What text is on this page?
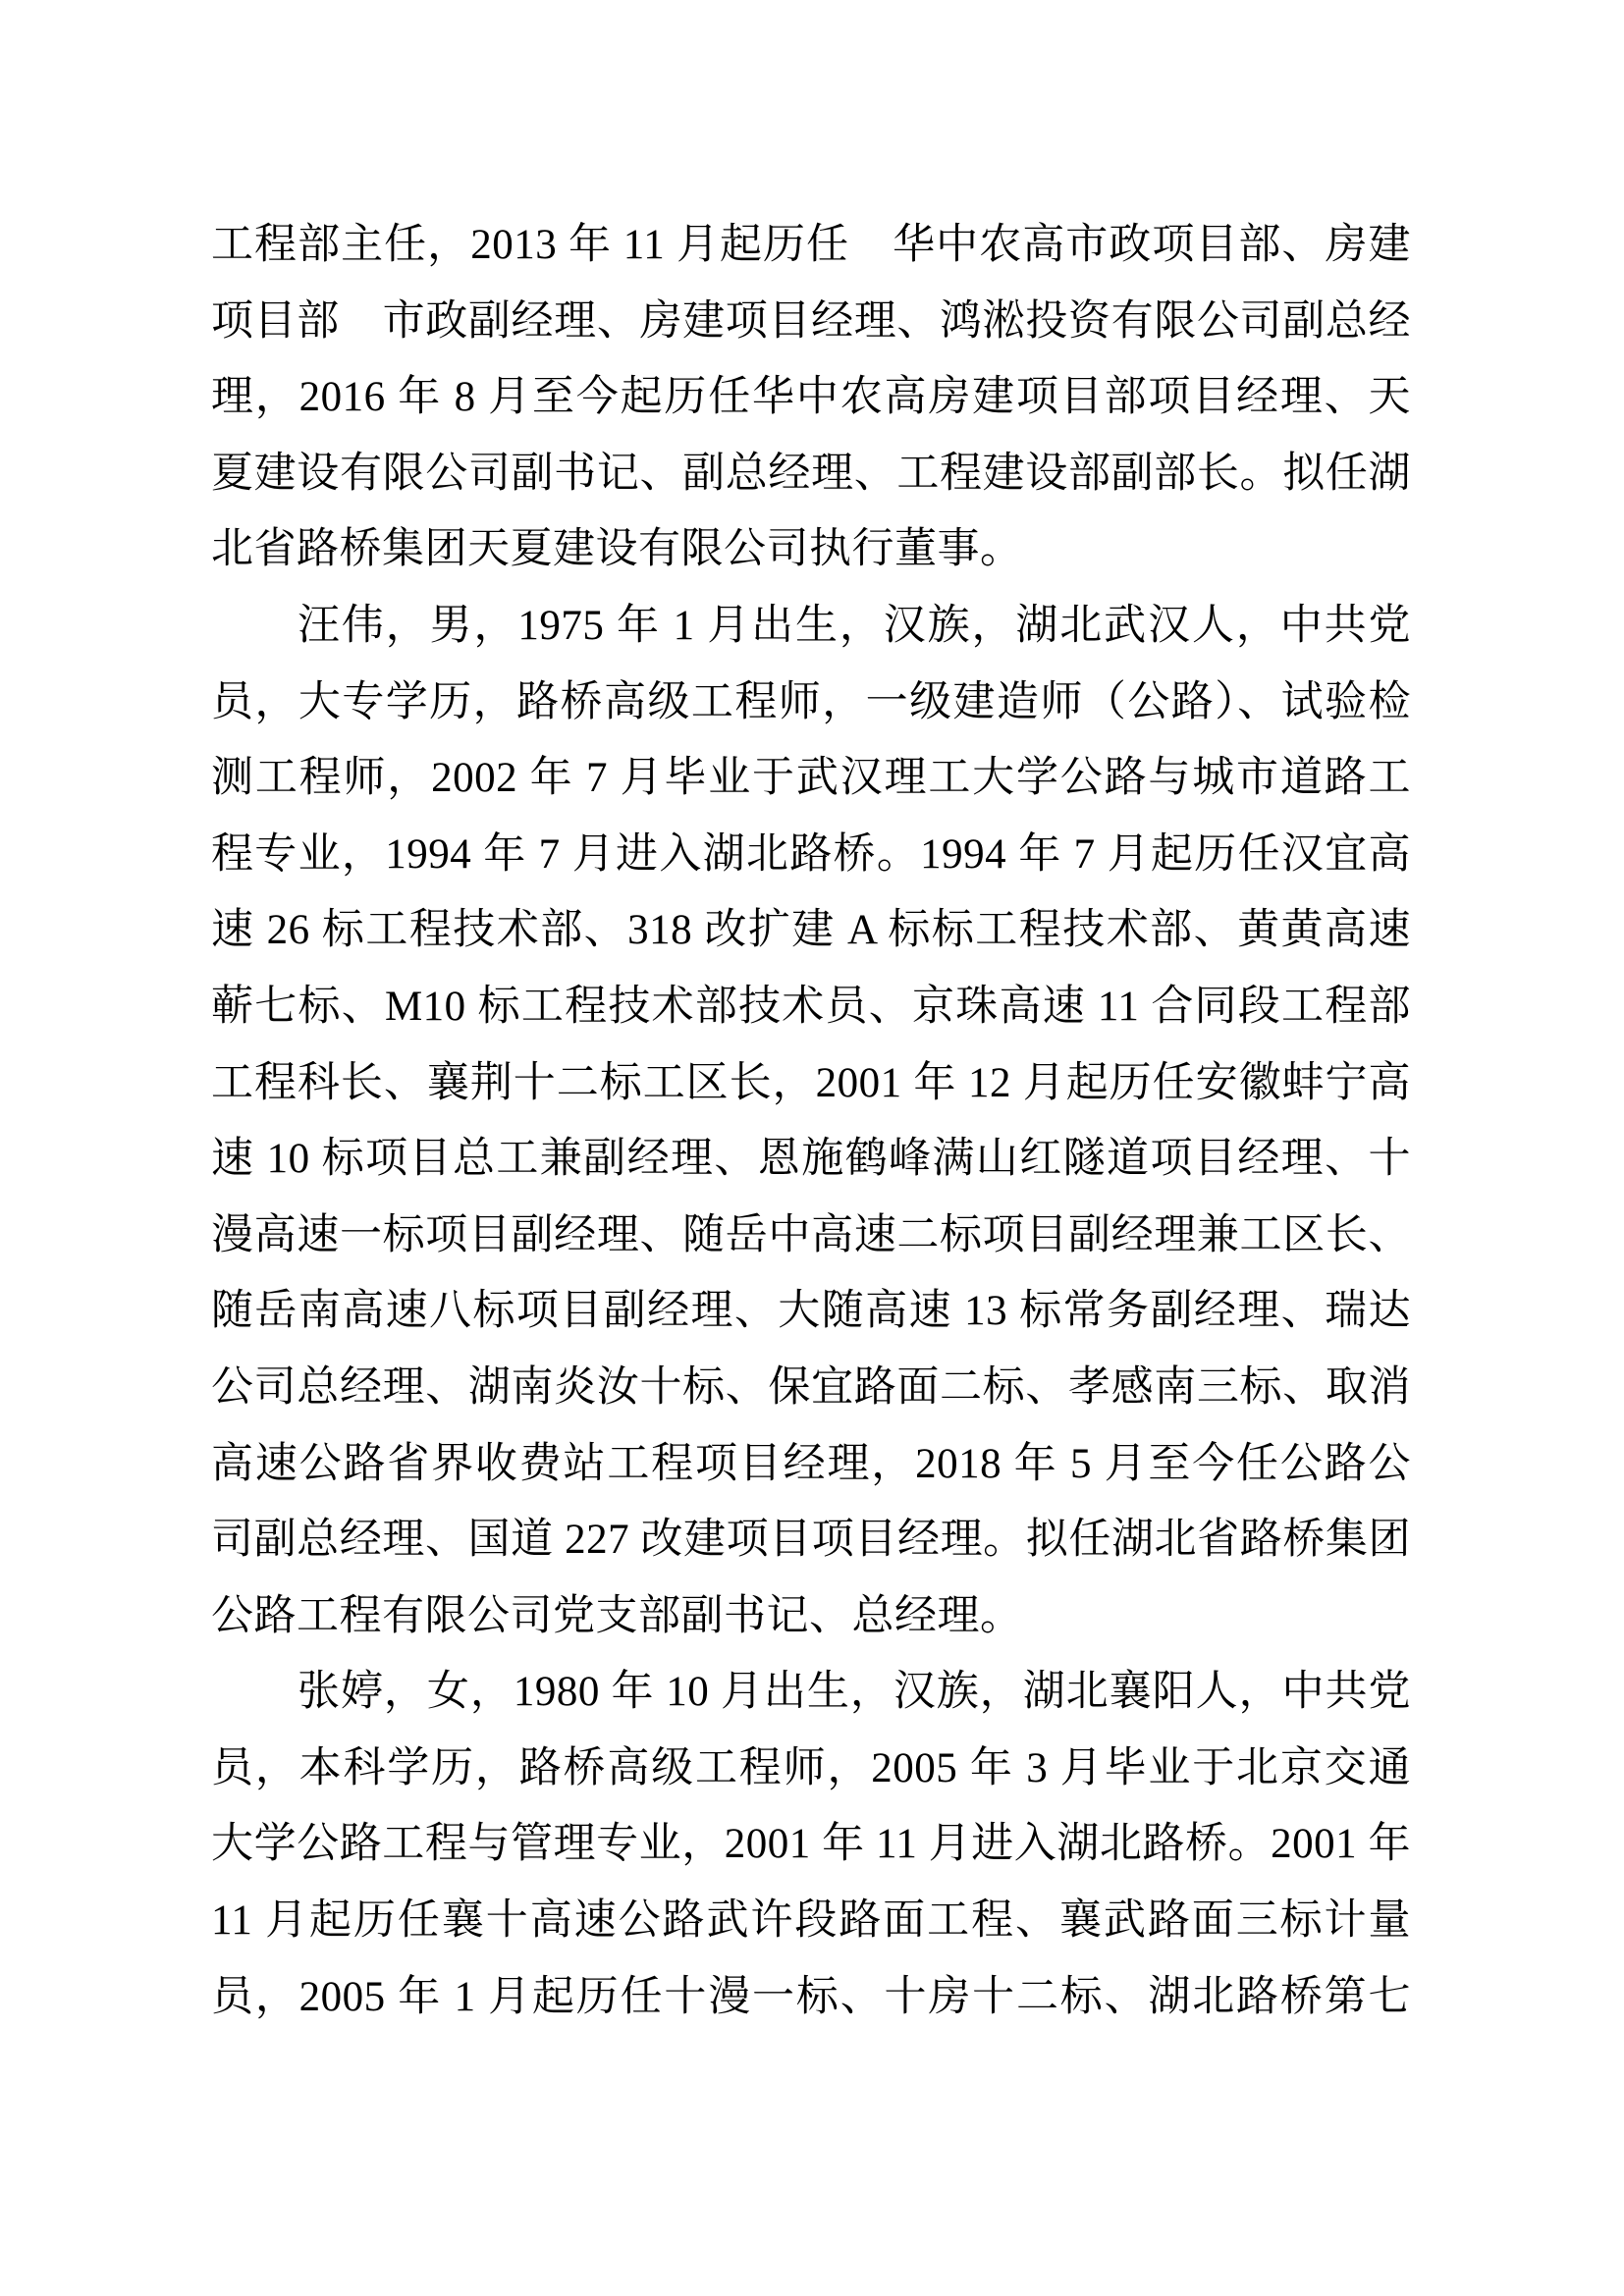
工程部主任，2013 年 11 月起历任　华中农高市政项目部、房建
项目部　市政副经理、房建项目经理、鸿淞投资有限公司副总经
理，2016 年 8 月至今起历任华中农高房建项目部项目经理、天
夏建设有限公司副书记、副总经理、工程建设部副部长。拟任湖
北省路桥集团天夏建设有限公司执行董事。
汪伟，男，1975 年 1 月出生，汉族，湖北武汉人，中共党
员，大专学历，路桥高级工程师，一级建造师（公路）、试验检
测工程师，2002 年 7 月毕业于武汉理工大学公路与城市道路工
程专业，1994 年 7 月进入湖北路桥。1994 年 7 月起历任汉宜高
速 26 标工程技术部、318 改扩建 A 标标工程技术部、黄黄高速
蕲七标、M10 标工程技术部技术员、京珠高速 11 合同段工程部
工程科长、襄荆十二标工区长，2001 年 12 月起历任安徽蚌宁高
速 10 标项目总工兼副经理、恩施鹤峰满山红隧道项目经理、十
漫高速一标项目副经理、随岳中高速二标项目副经理兼工区长、
随岳南高速八标项目副经理、大随高速 13 标常务副经理、瑞达
公司总经理、湖南炎汝十标、保宜路面二标、孝感南三标、取消
高速公路省界收费站工程项目经理，2018 年 5 月至今任公路公
司副总经理、国道 227 改建项目项目经理。拟任湖北省路桥集团
公路工程有限公司党支部副书记、总经理。
张婷，女，1980 年 10 月出生，汉族，湖北襄阳人，中共党
员，本科学历，路桥高级工程师，2005 年 3 月毕业于北京交通
大学公路工程与管理专业，2001 年 11 月进入湖北路桥。2001 年
11 月起历任襄十高速公路武许段路面工程、襄武路面三标计量
员，2005 年 1 月起历任十漫一标、十房十二标、湖北路桥第七
